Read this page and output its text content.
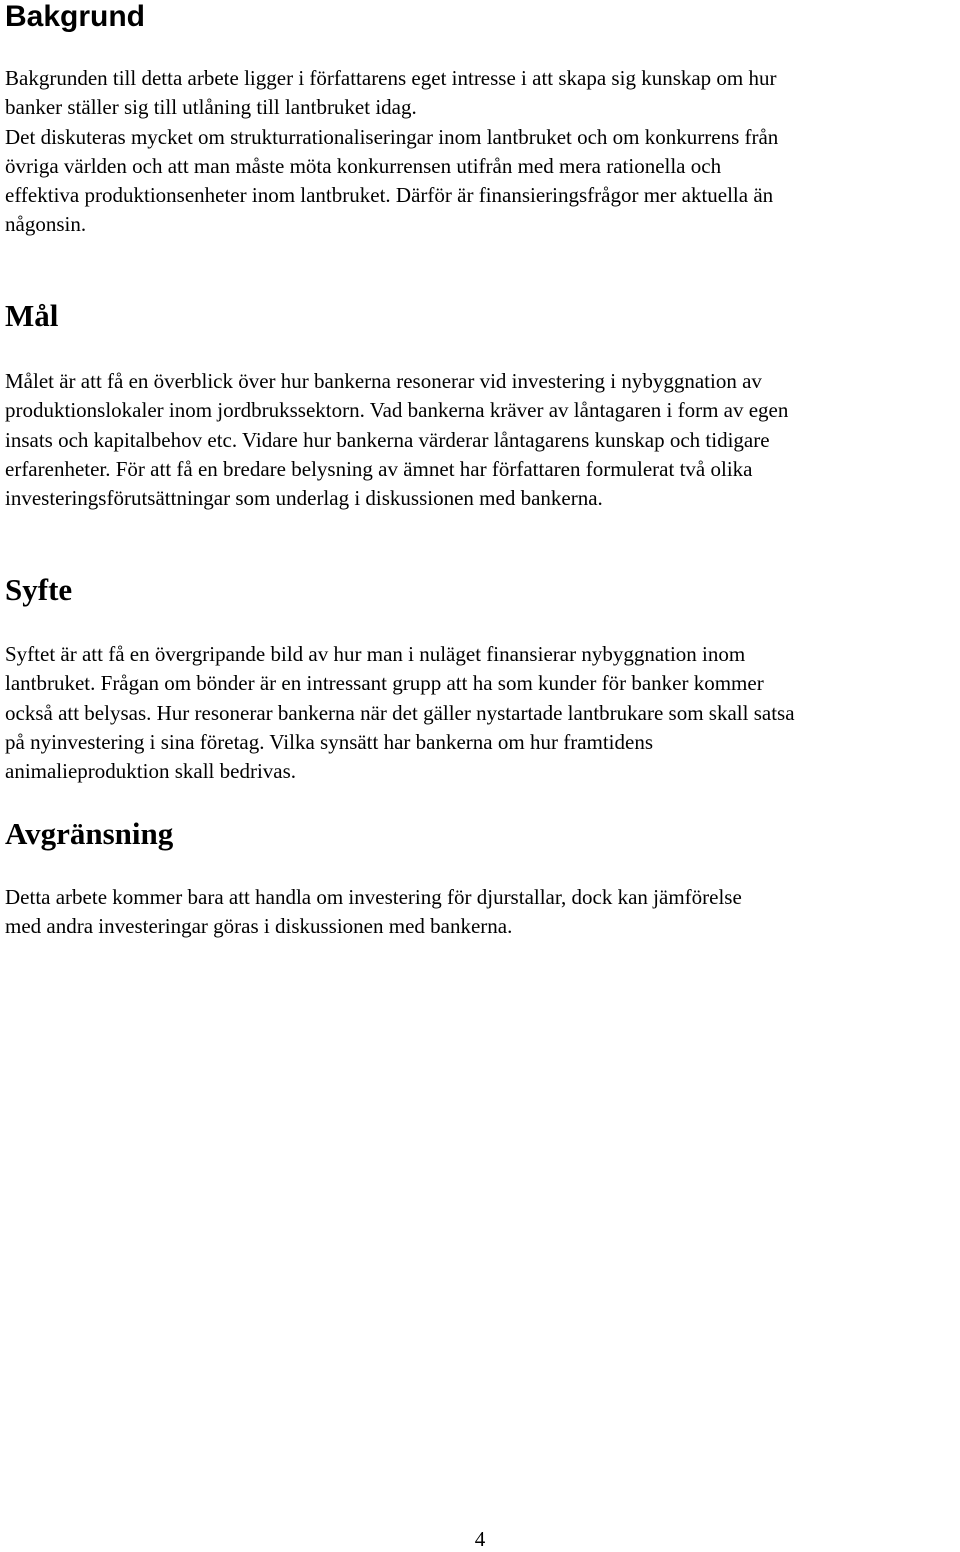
Bakgrund

Bakgrunden till detta arbete ligger i författarens eget intresse i att skapa sig kunskap om hur
banker ställer sig till utlåning till lantbruket idag.
Det diskuteras mycket om strukturrationaliseringar inom lantbruket och om konkurrens från
övriga världen och att man måste möta konkurrensen utifrån med mera rationella och
effektiva produktionsenheter inom lantbruket. Därför är finansieringsfrågor mer aktuella än
någonsin.

Mål

Målet är att få en överblick över hur bankerna resonerar vid investering i nybyggnation av
produktionslokaler inom jordbrukssektorn. Vad bankerna kräver av låntagaren i form av egen
insats och kapitalbehov etc. Vidare hur bankerna värderar låntagarens kunskap och tidigare
erfarenheter. För att få en bredare belysning av ämnet har författaren formulerat två olika
investeringsförutsättningar som underlag i diskussionen med bankerna.

Syfte

Syftet är att få en övergripande bild av hur man i nuläget finansierar nybyggnation inom
lantbruket. Frågan om bönder är en intressant grupp att ha som kunder för banker kommer
också att belysas. Hur resonerar bankerna när det gäller nystartade lantbrukare som skall satsa
på nyinvestering i sina företag. Vilka synsätt har bankerna om hur framtidens
animalieproduktion skall bedrivas.

Avgränsning

Detta arbete kommer bara att handla om investering för djurstallar, dock kan jämförelse
med andra investeringar göras i diskussionen med bankerna.

4
